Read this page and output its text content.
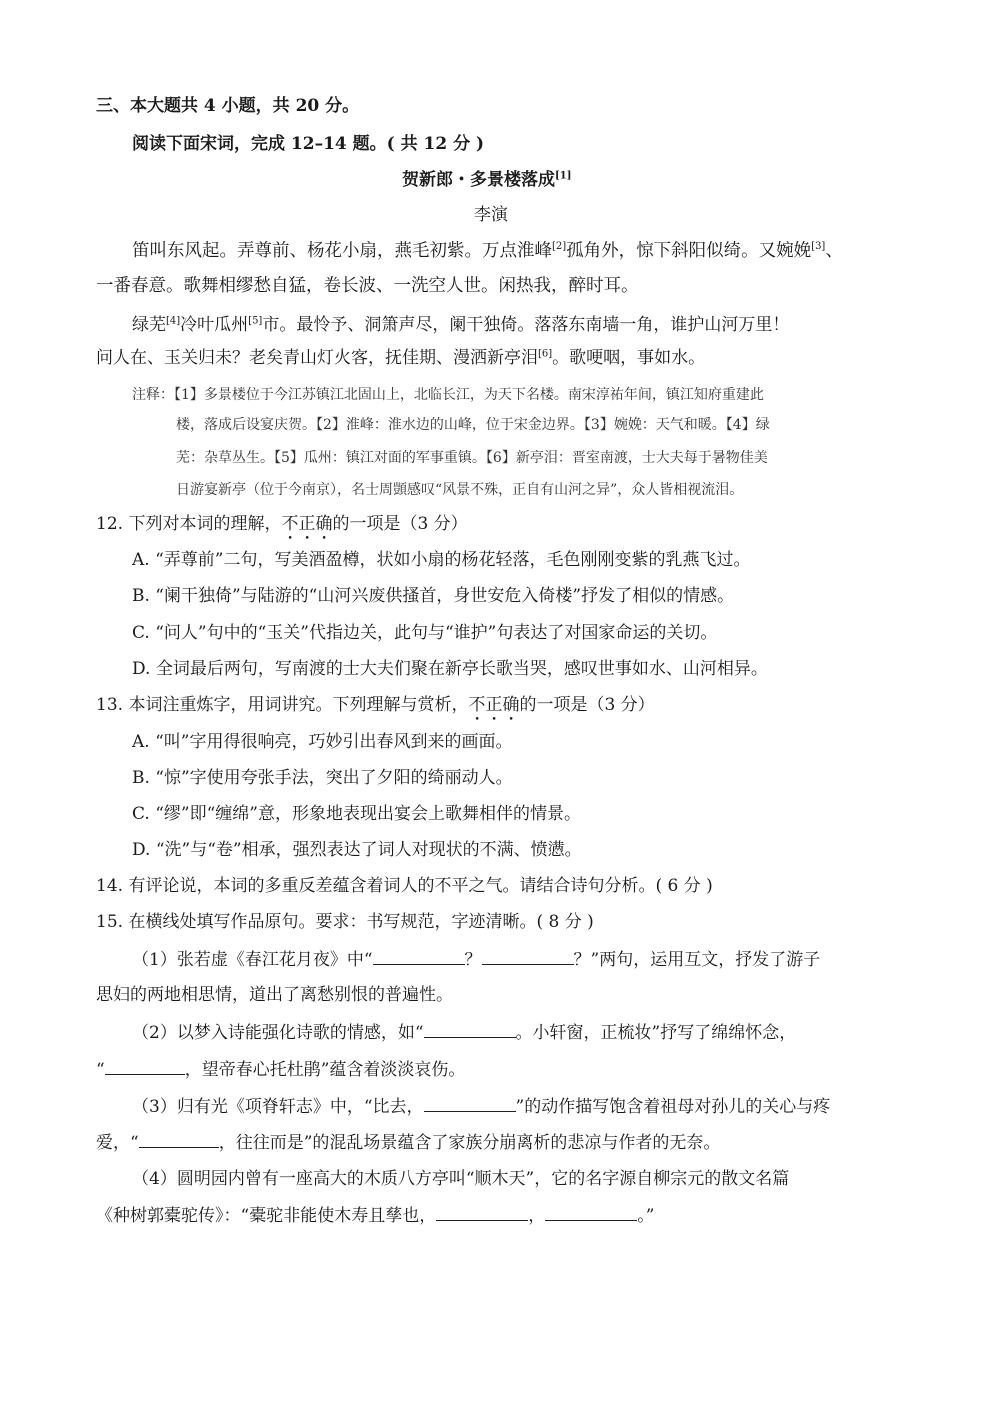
三、本大题共 4 小题，共 20 分。
阅读下面宋词，完成 12–14 题。( 共 12 分 )
贺新郎・多景楼落成[1]
李演
笛叫东风起。弄尊前、杨花小扇，燕毛初紫。万点淮峰[2]孤角外，惊下斜阳似绮。又婉娩[3]、
一番春意。歌舞相缪愁自猛，卷长波、一洗空人世。闲热我，醉时耳。
绿芜[4]冷叶瓜州[5]市。最怜予、洞箫声尽，阑干独倚。落落东南墙一角，谁护山河万里！
问人在、玉关归未？老矣青山灯火客，抚佳期、漫洒新亭泪[6]。歌哽咽，事如水。
注释：【1】多景楼位于今江苏镇江北固山上，北临长江，为天下名楼。南宋淳祐年间，镇江知府重建此
楼，落成后设宴庆贺。【2】淮峰：淮水边的山峰，位于宋金边界。【3】婉娩：天气和暖。【4】绿
芜：杂草丛生。【5】瓜州：镇江对面的军事重镇。【6】新亭泪：晋室南渡，士大夫每于暑物佳美
日游宴新亭（位于今南京），名士周顗感叹“风景不殊，正自有山河之异”，众人皆相视流泪。
12. 下列对本词的理解，不正确的一项是（3 分）
A. “弄尊前”二句，写美酒盈樽，状如小扇的杨花轻落，毛色刚刚变紫的乳燕飞过。
B. “阑干独倚”与陆游的“山河兴废供搔首，身世安危入倚楼”抒发了相似的情感。
C. “问人”句中的“玉关”代指边关，此句与“谁护”句表达了对国家命运的关切。
D. 全词最后两句，写南渡的士大夫们聚在新亭长歌当哭，感叹世事如水、山河相异。
13. 本词注重炼字，用词讲究。下列理解与赏析，不正确的一项是（3 分）
A. “叫”字用得很响亮，巧妙引出春风到来的画面。
B. “惊”字使用夸张手法，突出了夕阳的绮丽动人。
C. “缪”即“缠绵”意，形象地表现出宴会上歌舞相伴的情景。
D. “洗”与“卷”相承，强烈表达了词人对现状的不满、愤懑。
14. 有评论说，本词的多重反差蕴含着词人的不平之气。请结合诗句分析。( 6 分 )
15. 在横线处填写作品原句。要求：书写规范，字迹清晰。( 8 分 )
（1）张若虚《春江花月夜》中“	？	？”两句，运用互文，抒发了游子
思妇的两地相思情，道出了离愁别恨的普遍性。
（2）以梦入诗能强化诗歌的情感，如“	。小轩窗，正梳妆”抒写了绵绵怀念，
“	，望帝春心托杜鹃”蕴含着淡淡哀伤。
（3）归有光《项脊轩志》中，“比去，	”的动作描写饱含着祖母对孙儿的关心与疼
爱，“	，往往而是”的混乱场景蕴含了家族分崩离析的悲凉与作者的无奈。
（4）圆明园内曾有一座高大的木质八方亭叫“顺木天”，它的名字源自柳宗元的散文名篇
《种树郭橐驼传》：“橐驼非能使木寿且孳也，	，	。”
